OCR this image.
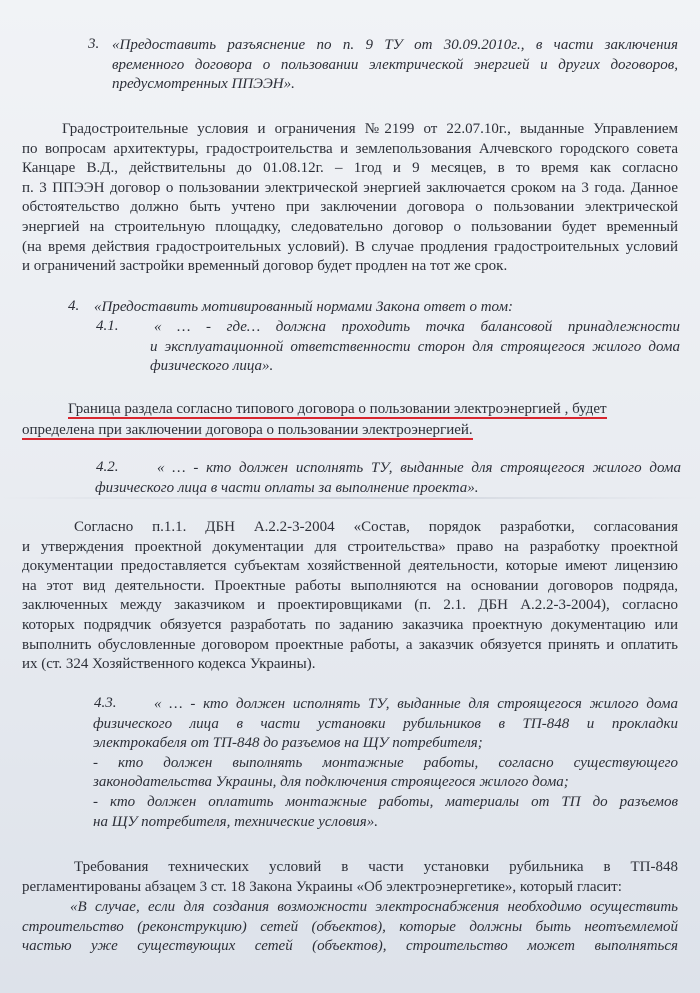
3. «Предоставить разъяснение по п. 9 ТУ от 30.09.2010г., в части заключения
временного договора о пользовании электрической энергией и других договоров,
предусмотренных ППЭЭН».
Градостроительные условия и ограничения №2199 от 22.07.10г., выданные Управлением
по вопросам архитектуры, градостроительства и землепользования Алчевского городского совета
Канцаре В.Д., действительны до 01.08.12г. – 1год и 9 месяцев, в то время как согласно
п. 3 ППЭЭН договор о пользовании электрической энергией заключается сроком на 3 года. Данное
обстоятельство должно быть учтено при заключении договора о пользовании электрической
энергией на строительную площадку, следовательно договор о пользовании будет временный
(на время действия градостроительных условий). В случае продления градостроительных условий
и ограничений застройки временный договор будет продлен на тот же срок.
4. «Предоставить мотивированный нормами Закона ответ о том:
4.1. « … - где… должна проходить точка балансовой принадлежности
и эксплуатационной ответственности сторон для строящегося жилого дома
физического лица».
Граница раздела согласно типового договора о пользовании электроэнергией , будет
определена при заключении договора о пользовании электроэнергией.
4.2.	« … - кто должен исполнять ТУ, выданные для строящегося жилого дома
физического лица в части оплаты за выполнение проекта».
Согласно п.1.1. ДБН А.2.2-3-2004 «Состав, порядок разработки, согласования
и утверждения проектной документации для строительства» право на разработку проектной
документации предоставляется субъектам хозяйственной деятельности, которые имеют лицензию
на этот вид деятельности. Проектные работы выполняются на основании договоров подряда,
заключенных между заказчиком и проектировщиками (п. 2.1. ДБН А.2.2-3-2004), согласно
которых подрядчик обязуется разработать по заданию заказчика проектную документацию или
выполнить обусловленные договором проектные работы, а заказчик обязуется принять и оплатить
их (ст. 324 Хозяйственного кодекса Украины).
4.3.	« … - кто должен исполнять ТУ, выданные для строящегося жилого дома
физического лица в части установки рубильников в ТП-848 и прокладки
электрокабеля от ТП-848 до разъемов на ЩУ потребителя;
- кто должен выполнять монтажные работы, согласно существующего
законодательства Украины, для подключения строящегося жилого дома;
- кто должен оплатить монтажные работы, материалы от ТП до разъемов
на ЩУ потребителя, технические условия».
Требования технических условий в части установки рубильника в ТП-848
регламентированы абзацем 3 ст. 18 Закона Украины «Об электроэнергетике», который гласит:
«В случае, если для создания возможности электроснабжения необходимо осуществить
строительство (реконструкцию) сетей (объектов), которые должны быть неотъемлемой
частью уже существующих сетей (объектов), строительство может выполняться
